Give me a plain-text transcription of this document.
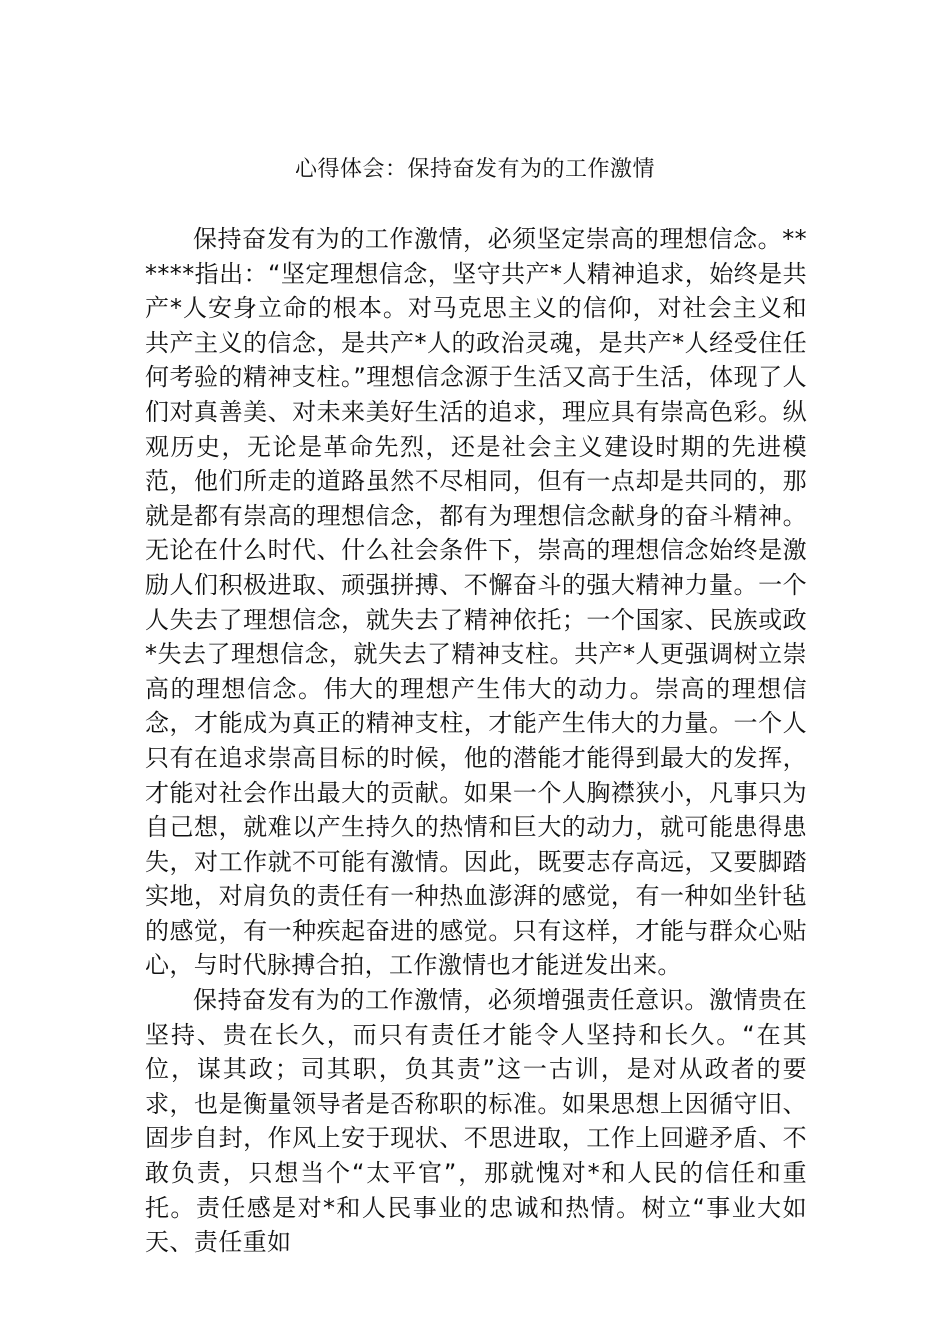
心得体会：保持奋发有为的工作激情

保持奋发有为的工作激情，必须坚定崇高的理想信念。******指出：“坚定理想信念，坚守共产*人精神追求，始终是共产*人安身立命的根本。对马克思主义的信仰，对社会主义和共产主义的信念，是共产*人的政治灵魂，是共产*人经受住任何考验的精神支柱。”理想信念源于生活又高于生活，体现了人们对真善美、对未来美好生活的追求，理应具有崇高色彩。纵观历史，无论是革命先烈，还是社会主义建设时期的先进模范，他们所走的道路虽然不尽相同，但有一点却是共同的，那就是都有崇高的理想信念，都有为理想信念献身的奋斗精神。无论在什么时代、什么社会条件下，崇高的理想信念始终是激励人们积极进取、顽强拼搏、不懈奋斗的强大精神力量。一个人失去了理想信念，就失去了精神依托；一个国家、民族或政*失去了理想信念，就失去了精神支柱。共产*人更强调树立崇高的理想信念。伟大的理想产生伟大的动力。崇高的理想信念，才能成为真正的精神支柱，才能产生伟大的力量。一个人只有在追求崇高目标的时候，他的潜能才能得到最大的发挥，才能对社会作出最大的贡献。如果一个人胸襟狭小，凡事只为自己想，就难以产生持久的热情和巨大的动力，就可能患得患失，对工作就不可能有激情。因此，既要志存高远，又要脚踏实地，对肩负的责任有一种热血澎湃的感觉，有一种如坐针毡的感觉，有一种疾起奋进的感觉。只有这样，才能与群众心贴心，与时代脉搏合拍，工作激情也才能迸发出来。

保持奋发有为的工作激情，必须增强责任意识。激情贵在坚持、贵在长久，而只有责任才能令人坚持和长久。“在其位，谋其政；司其职，负其责”这一古训，是对从政者的要求，也是衡量领导者是否称职的标准。如果思想上因循守旧、固步自封，作风上安于现状、不思进取，工作上回避矛盾、不敢负责，只想当个“太平官”，那就愧对*和人民的信任和重托。责任感是对*和人民事业的忠诚和热情。树立“事业大如天、责任重如
